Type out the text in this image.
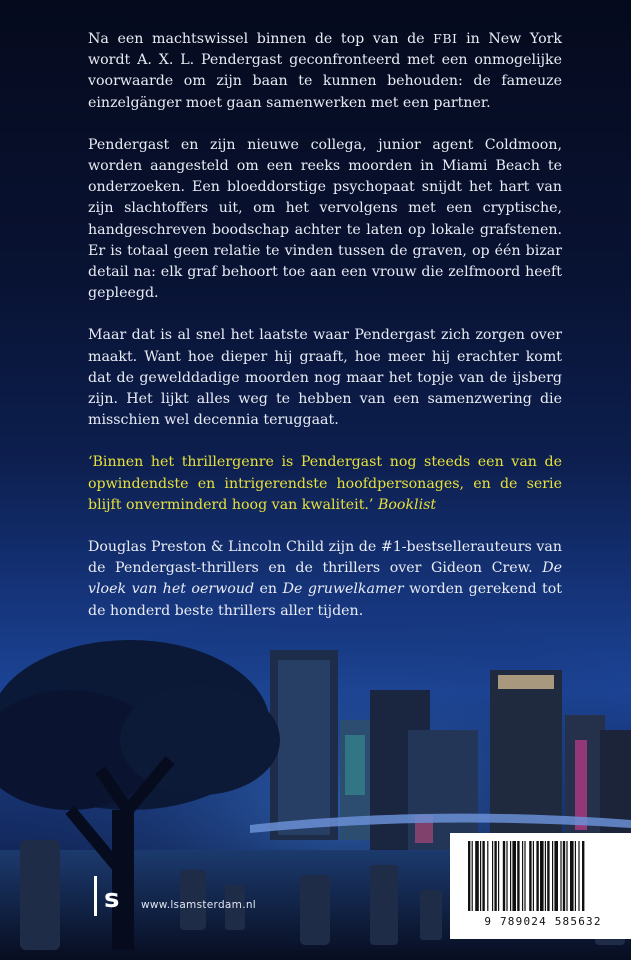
Na een machtswissel binnen de top van de FBI in New York wordt A. X. L. Pendergast geconfronteerd met een onmogelijke voorwaarde om zijn baan te kunnen behouden: de fameuze einzelgänger moet gaan samenwerken met een partner.

Pendergast en zijn nieuwe collega, junior agent Coldmoon, worden aangesteld om een reeks moorden in Miami Beach te onderzoeken. Een bloeddorstige psychopaat snijdt het hart van zijn slachtoffers uit, om het vervolgens met een cryptische, handgeschreven boodschap achter te laten op lokale grafstenen. Er is totaal geen relatie te vinden tussen de graven, op één bizar detail na: elk graf behoort toe aan een vrouw die zelfmoord heeft gepleegd.

Maar dat is al snel het laatste waar Pendergast zich zorgen over maakt. Want hoe dieper hij graaft, hoe meer hij erachter komt dat de gewelddadige moorden nog maar het topje van de ijsberg zijn. Het lijkt alles weg te hebben van een samenzwering die misschien wel decennia teruggaat.

‘Binnen het thrillergenre is Pendergast nog steeds een van de opwindendste en intrigerendste hoofdpersonages, en de serie blijft onverminderd hoog van kwaliteit.’ Booklist

Douglas Preston & Lincoln Child zijn de #1-bestsellerauteurs van de Pendergast-thrillers en de thrillers over Gideon Crew. De vloek van het oerwoud en De gruwelkamer worden gerekend tot de honderd beste thrillers aller tijden.

s www.lsamsterdam.nl
9 789024 585632
